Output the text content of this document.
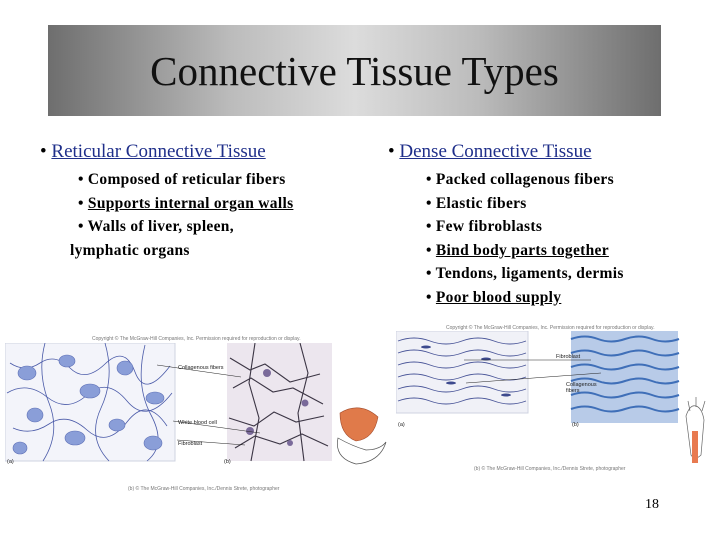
Connective Tissue Types
• Reticular Connective Tissue
• Composed of reticular fibers
• Supports internal organ walls
• Walls of liver, spleen,
lymphatic organs
• Dense Connective Tissue
• Packed collagenous fibers
• Elastic fibers
• Few fibroblasts
• Bind body parts together
• Tendons, ligaments, dermis
• Poor blood supply
Copyright © The McGraw-Hill Companies, Inc. Permission required for reproduction or display.
Collagenous fibers
White blood cell
Fibroblast
(a)	(b)
(b) © The McGraw-Hill Companies, Inc./Dennis Strete, photographer
Copyright © The McGraw-Hill Companies, Inc. Permission required for reproduction or display.
Fibroblast
Collagenous fibers
(a)	(b)
(b) © The McGraw-Hill Companies, Inc./Dennis Strete, photographer
18
